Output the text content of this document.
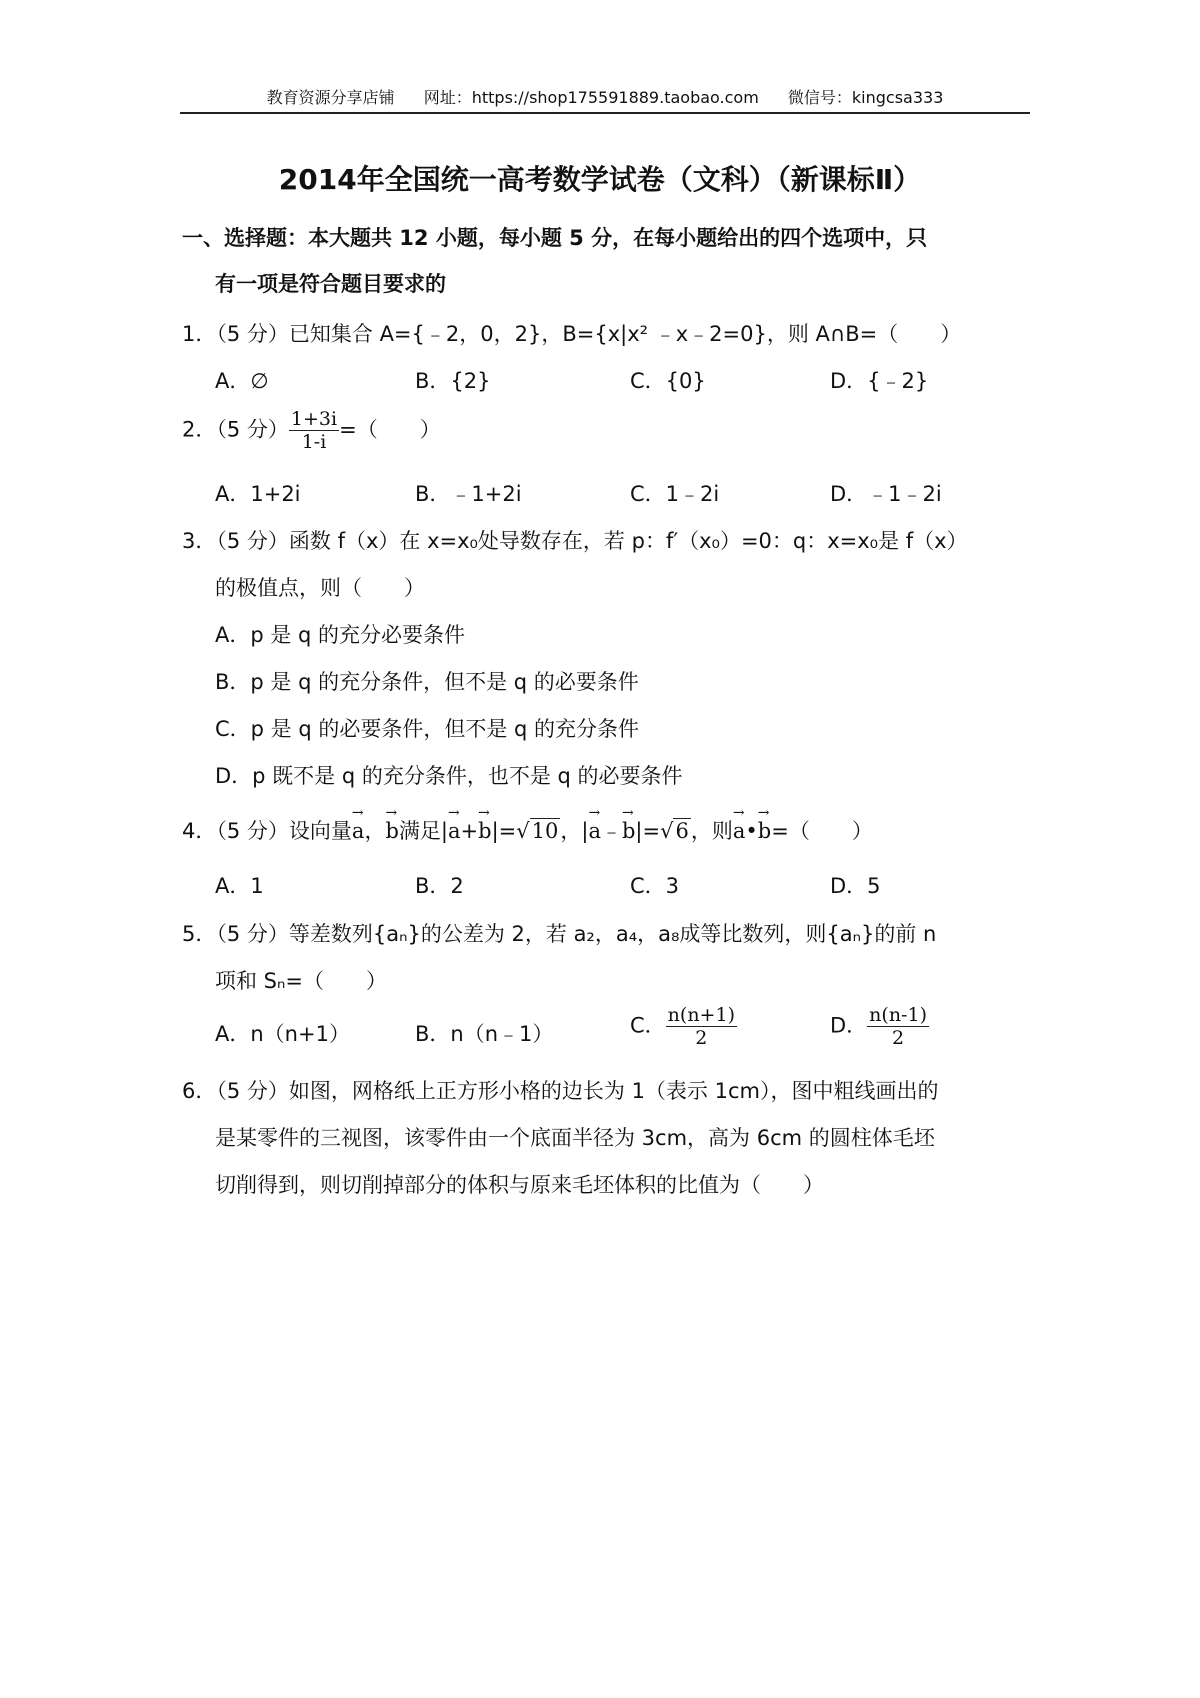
教育资源分享店铺 网址：https://shop175591889.taobao.com 微信号：kingcsa333
2014年全国统一高考数学试卷（文科）（新课标Ⅱ）
一、选择题：本大题共 12 小题，每小题 5 分，在每小题给出的四个选项中，只
有一项是符合题目要求的
1．（5 分）已知集合 A={﹣2，0，2}，B={x|x² ﹣x﹣2=0}，则 A∩B=（　　）
A．∅	B．{2}	C．{0}	D．{﹣2}
2．（5 分） $\frac{1+3i}{1-i}$ =（　　）
A．1+2i	B．﹣1+2i	C．1﹣2i	D．﹣1﹣2i
3．（5 分）函数 f（x）在 x=x₀处导数存在，若 p：f′（x₀）=0：q：x=x₀是 f（x）
的极值点，则（　　）
A．p 是 q 的充分必要条件
B．p 是 q 的充分条件，但不是 q 的必要条件
C．p 是 q 的必要条件，但不是 q 的充分条件
D．p 既不是 q 的充分条件，也不是 q 的必要条件
4．（5 分）设向量→ a，→ b满足|→ a+→ b|=√10，|→ a﹣→ b|=√6，则→ a•→ b=（　　）
A．1	B．2	C．3	D．5
5．（5 分）等差数列{aₙ}的公差为 2，若 a₂，a₄，a₈成等比数列，则{aₙ}的前 n
项和 Sₙ=（　　）
A．n（n+1）	B．n（n﹣1）	C． $\frac{n(n+1)}{2}$	D． $\frac{n(n-1)}{2}$
6．（5 分）如图，网格纸上正方形小格的边长为 1（表示 1cm），图中粗线画出的
是某零件的三视图，该零件由一个底面半径为 3cm，高为 6cm 的圆柱体毛坯
切削得到，则切削掉部分的体积与原来毛坯体积的比值为（　　）
